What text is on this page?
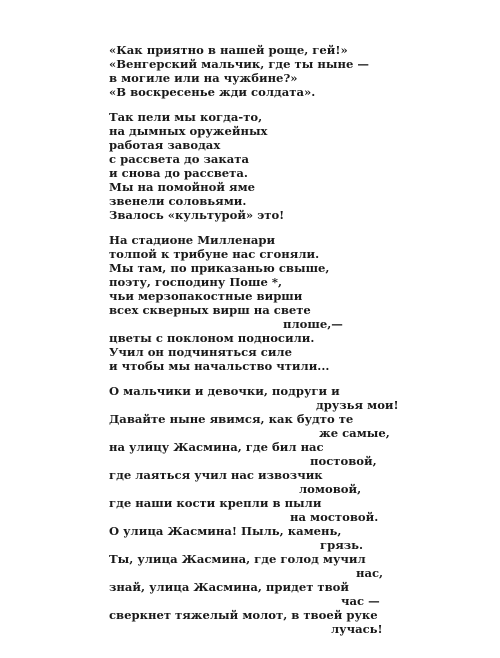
«Как приятно в нашей роще, гей!»
«Венгерский мальчик, где ты ныне —
в могиле или на чужбине?»
«В воскресенье жди солдата».
Так пели мы когда-то,
на дымных оружейных
работая заводах
с рассвета до заката
и снова до рассвета.
Мы на помойной яме
звенели соловьями.
Звалось «культурой» это!
На стадионе Милленари
толпой к трибуне нас сгоняли.
Мы там, по приказанью свыше,
поэту, господину Поше *,
чьи мерзопакостные вирши
всех скверных вирш на свете
плоше,—
цветы с поклоном подносили.
Учил он подчиняться силе
и чтобы мы начальство чтили...
О мальчики и девочки, подруги и
друзья мои!
Давайте ныне явимся, как будто те
же самые,
на улицу Жасмина, где бил нас
постовой,
где лаяться учил нас извозчик
ломовой,
где наши кости крепли в пыли
на мостовой.
О улица Жасмина! Пыль, камень,
грязь.
Ты, улица Жасмина, где голод мучил
нас,
знай, улица Жасмина, придет твой
час —
сверкнет тяжелый молот, в твоей руке
лучась!
